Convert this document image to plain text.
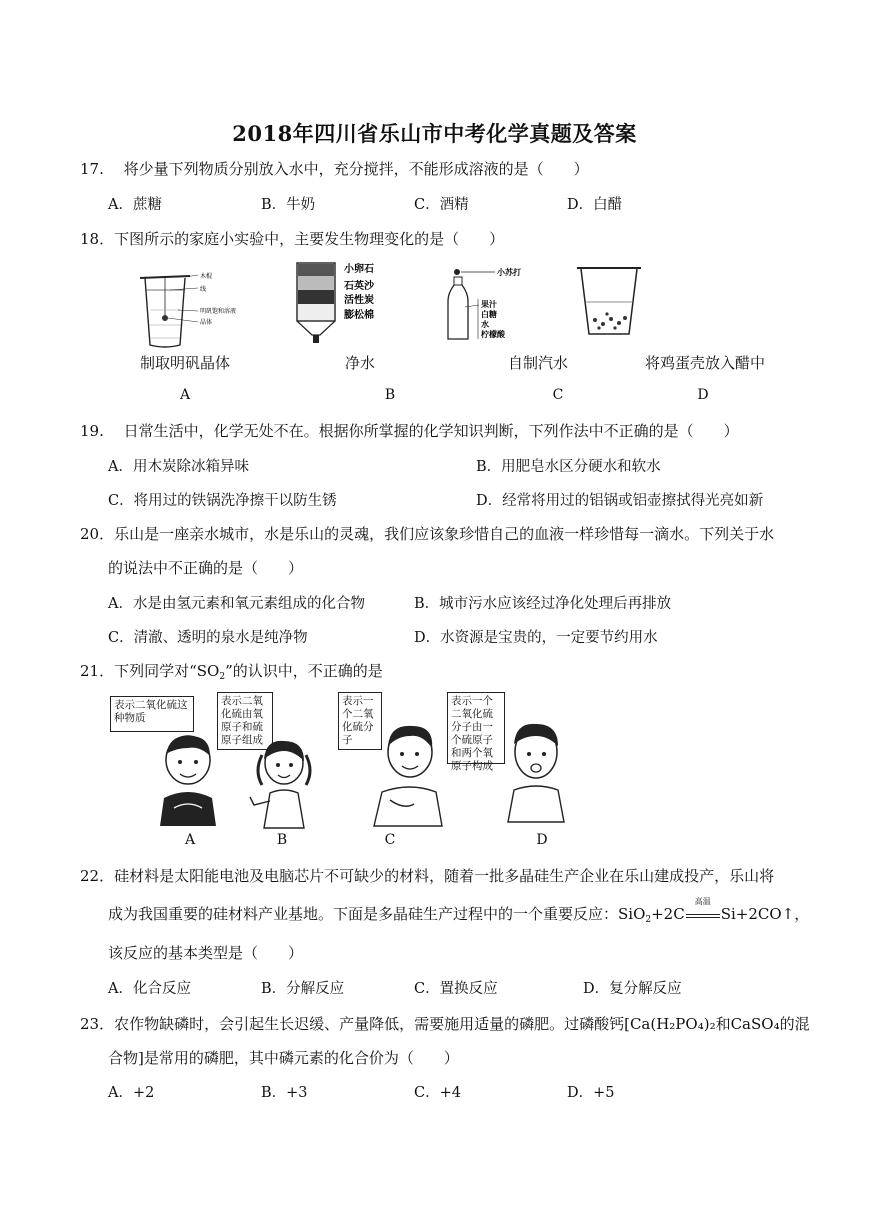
2018年四川省乐山市中考化学真题及答案
17.　 将少量下列物质分别放入水中，充分搅拌，不能形成溶液的是（　　）
A．蔗糖	B．牛奶	C．酒精	D．白醋
18．下图所示的家庭小实验中，主要发生物理变化的是（　　）
木棍
线
明矾饱和溶液
晶体
小卵石
石英沙
活性炭
膨松棉
小苏打
果汁
白糖
水
柠檬酸
制取明矾晶体	净水	自制汽水	将鸡蛋壳放入醋中
A	B	C	D
19.　 日常生活中，化学无处不在。根据你所掌握的化学知识判断，下列作法中不正确的是（　　）
A．用木炭除冰箱异味	B．用肥皂水区分硬水和软水
C．将用过的铁锅洗净擦干以防生锈	D．经常将用过的铝锅或铝壶擦拭得光亮如新
20．乐山是一座亲水城市，水是乐山的灵魂，我们应该象珍惜自己的血液一样珍惜每一滴水。下列关于水
的说法中不正确的是（　　）
A．水是由氢元素和氧元素组成的化合物	B．城市污水应该经过净化处理后再排放
C．清澈、透明的泉水是纯净物	D．水资源是宝贵的，一定要节约用水
21．下列同学对“$SO_2$”的认识中，不正确的是
表示二氧化硫这种物质
表示二氧化硫由氧原子和硫原子组成
表示一个二氧化硫分子
表示一个二氧化硫分子由一个硫原子和两个氧原子构成
A	B	C	D
22．硅材料是太阳能电池及电脑芯片不可缺少的材料，随着一批多晶硅生产企业在乐山建成投产，乐山将
成为我国重要的硅材料产业基地。下面是多晶硅生产过程中的一个重要反应：SiO$_2$+2C
高温
Si+2CO↑，
该反应的基本类型是（　　）
A．化合反应	B．分解反应	C．置换反应	D．复分解反应
23．农作物缺磷时，会引起生长迟缓、产量降低，需要施用适量的磷肥。过磷酸钙[Ca(H₂PO₄)₂和CaSO₄的混
合物]是常用的磷肥，其中磷元素的化合价为（　　）
A．+2	B．+3	C．+4	D．+5
